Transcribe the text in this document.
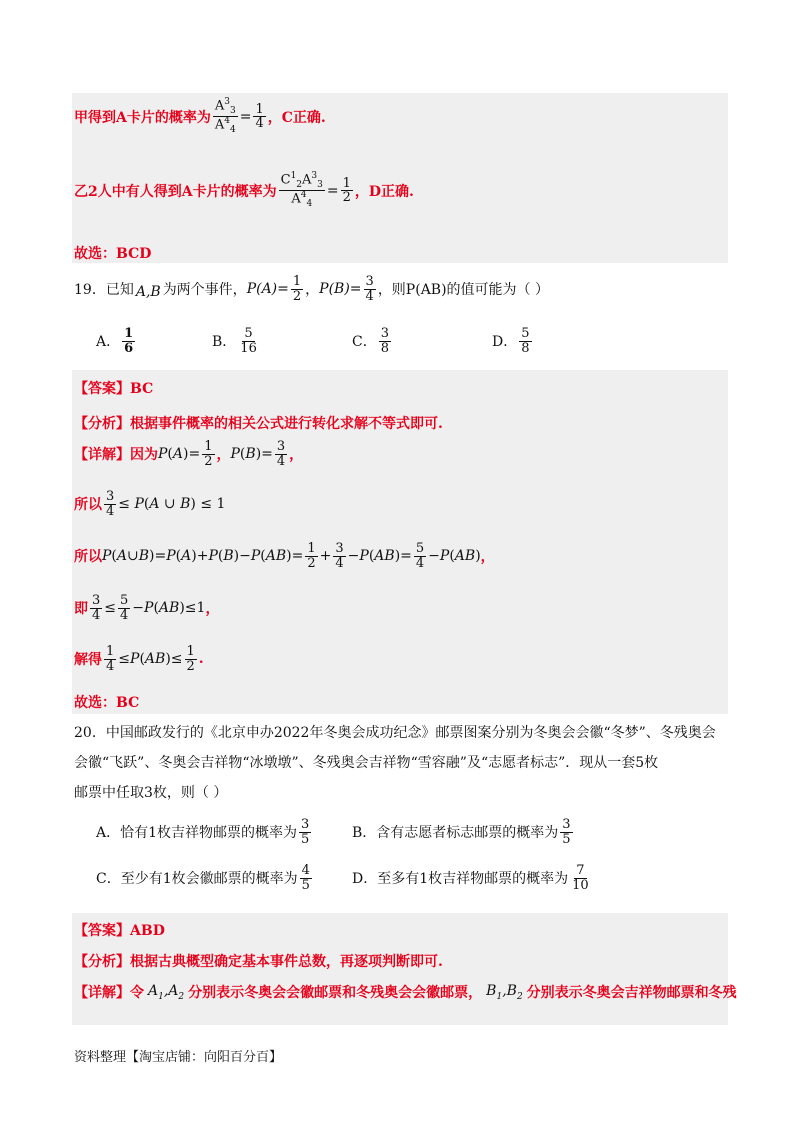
甲得到A卡片的概率为 $\frac{A^3_3}{A^4_4} = \frac{1}{4}$ ，C正确.
乙2人中有人得到A卡片的概率为 $\frac{C^1_2A^3_3}{A^4_4} = \frac{1}{2}$ ，D正确.
故选：BCD
19．已知 A,B 为两个事件， $P(A)= \frac{1}{2}$ ， $P(B)= \frac{3}{4}$ ，则P(AB)的值可能为（ ）
A． $\frac{1}{6}$	B． $\frac{5}{16}$	C． $\frac{3}{8}$	D． $\frac{5}{8}$
【答案】BC
【分析】根据事件概率的相关公式进行转化求解不等式即可.
【详解】因为 P ( A )= $\frac{1}{2}$ ， P ( B )= $\frac{3}{4}$ ，
所以 $\frac{3}{4} \le P(A$ ∪ B) ≤ 1
所以 P(A∪B)=P(A)+P(B)−P(AB)= $\frac{1}{2} + \frac{3}{4} -P(AB)= \frac{5}{4} -P(AB)$ ，
即 $\frac{3}{4} \le \frac{5}{4} -P(AB)\le 1$ ，
解得 $\frac{1}{4} \le P(AB)\le \frac{1}{2}$ .
故选：BC
20．中国邮政发行的《北京申办2022年冬奥会成功纪念》邮票图案分别为冬奥会会徽“冬梦”、冬残奥会
会徽“飞跃”、冬奥会吉祥物“冰墩墩”、冬残奥会吉祥物“雪容融”及“志愿者标志”．现从一套5枚
邮票中任取3枚，则（ ）
A．恰有1枚吉祥物邮票的概率为 $\frac{3}{5}$	B．含有志愿者标志邮票的概率为 $\frac{3}{5}$
C．至少有1枚会徽邮票的概率为 $\frac{4}{5}$	D．至多有1枚吉祥物邮票的概率为 $\frac{7}{10}$
【答案】ABD
【分析】根据古典概型确定基本事件总数，再逐项判断即可.
【详解】令 $A_1,A_2$ 分别表示冬奥会会徽邮票和冬残奥会会徽邮票， $B_1,B_2$ 分别表示冬奥会吉祥物邮票和冬残
资料整理【淘宝店铺：向阳百分百】
